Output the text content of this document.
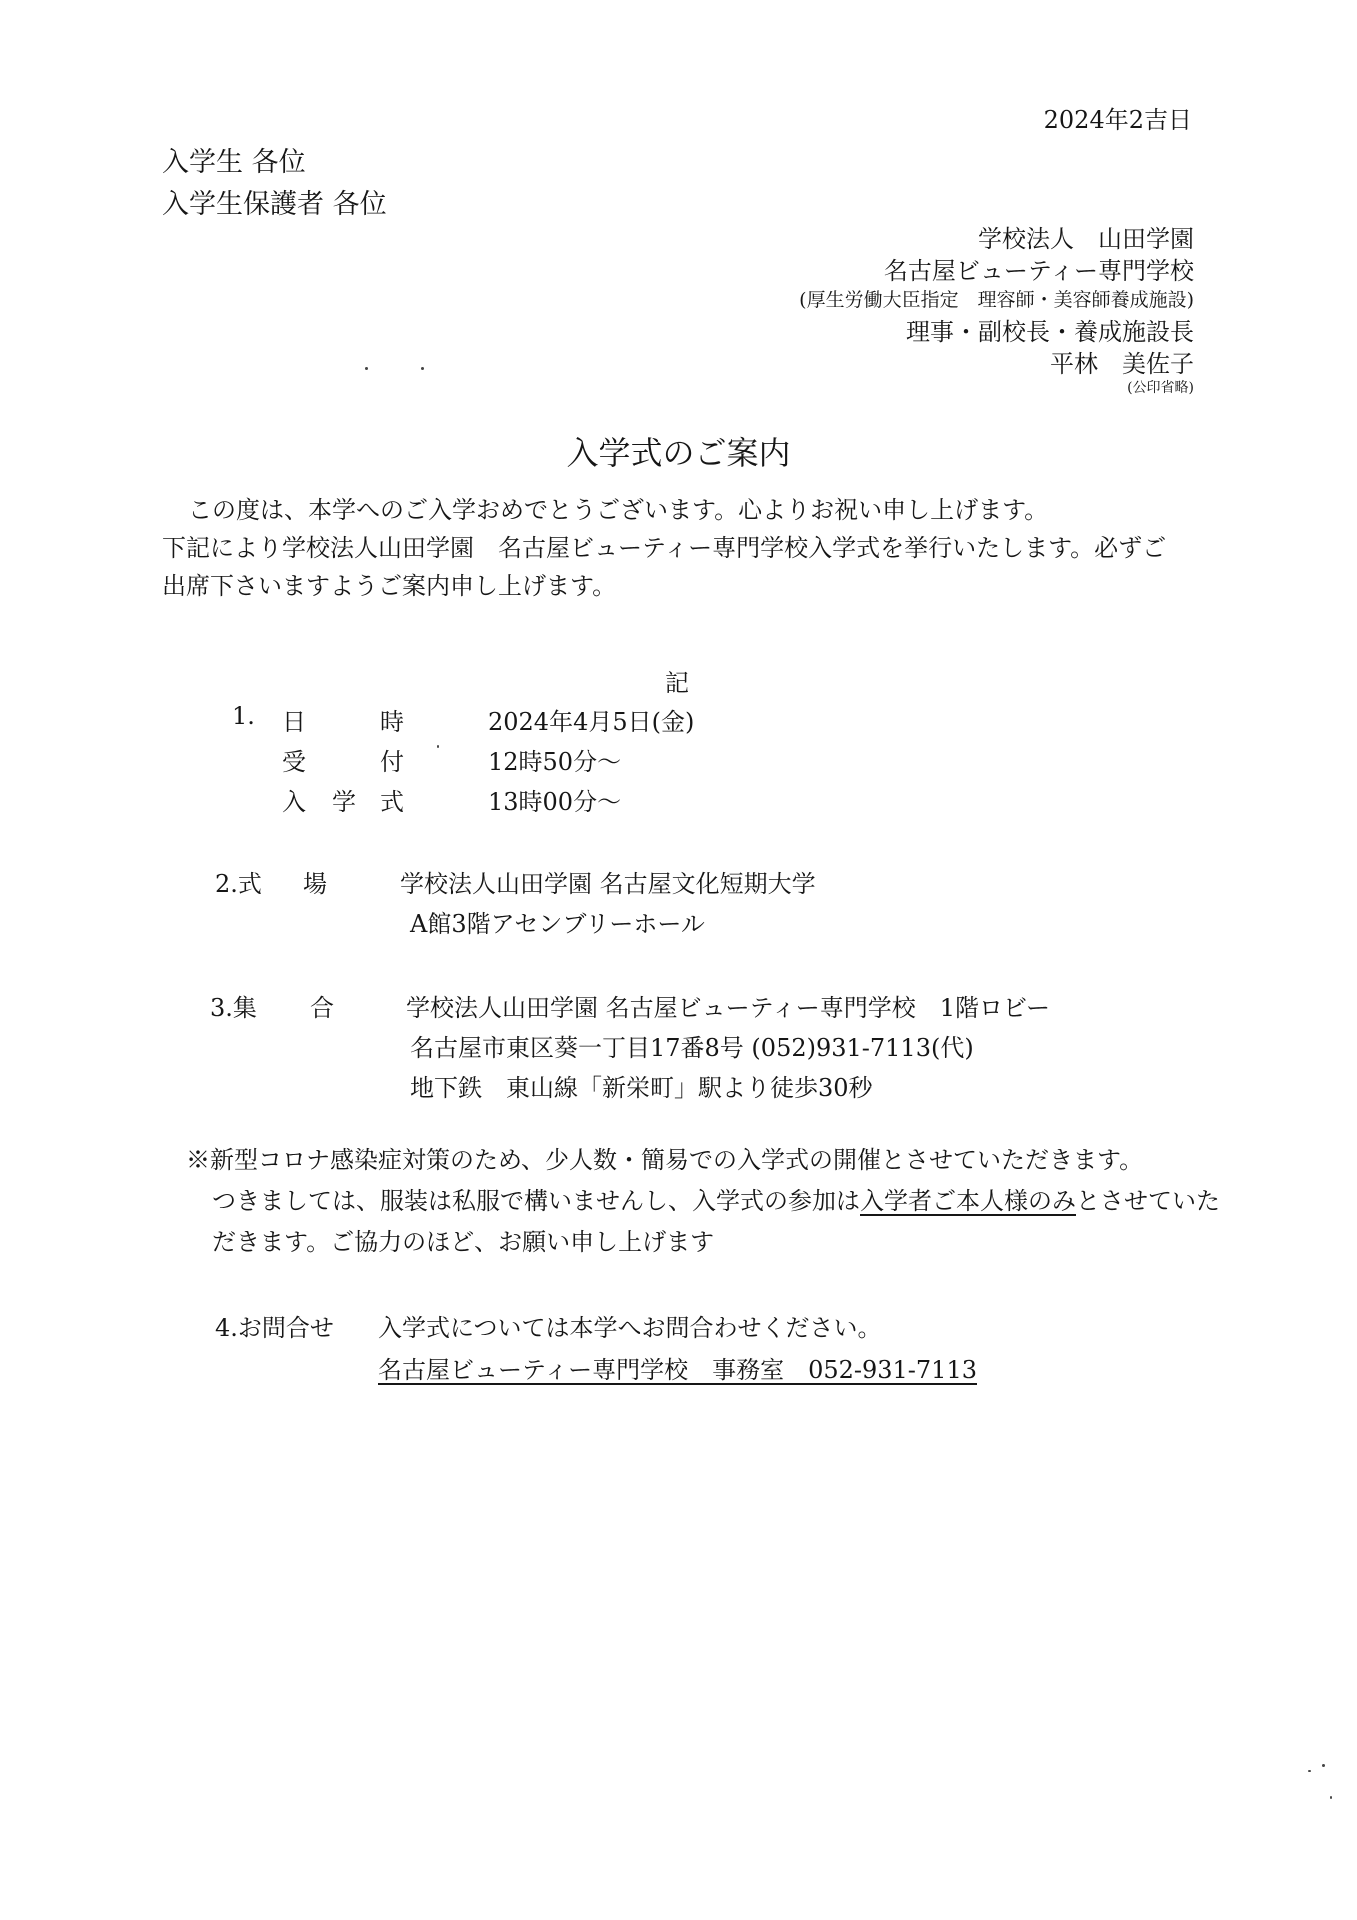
2024年2吉日
入学生 各位
入学生保護者 各位
学校法人　山田学園
名古屋ビューティー専門学校
(厚生労働大臣指定　理容師・美容師養成施設)
理事・副校長・養成施設長
平林　美佐子
(公印省略)
入学式のご案内
この度は、本学へのご入学おめでとうございます。心よりお祝い申し上げます。
下記により学校法人山田学園　名古屋ビューティー専門学校入学式を挙行いたします。必ずご
出席下さいますようご案内申し上げます。
記
1. 日	時	2024年4月5日(金)
受	付	12時50分～
入 学 式	13時00分～
2.式 場	学校法人山田学園 名古屋文化短期大学
A館3階アセンブリーホール
3.集 合	学校法人山田学園 名古屋ビューティー専門学校　1階ロビー
名古屋市東区葵一丁目17番8号 (052)931-7113(代)
地下鉄　東山線「新栄町」駅より徒歩30秒
※新型コロナ感染症対策のため、少人数・簡易での入学式の開催とさせていただきます。
つきましては、服装は私服で構いませんし、入学式の参加は入学者ご本人様のみとさせていた
だきます。ご協力のほど、お願い申し上げます
4.お問合せ 入学式については本学へお問合わせください。
名古屋ビューティー専門学校　事務室　052-931-7113
